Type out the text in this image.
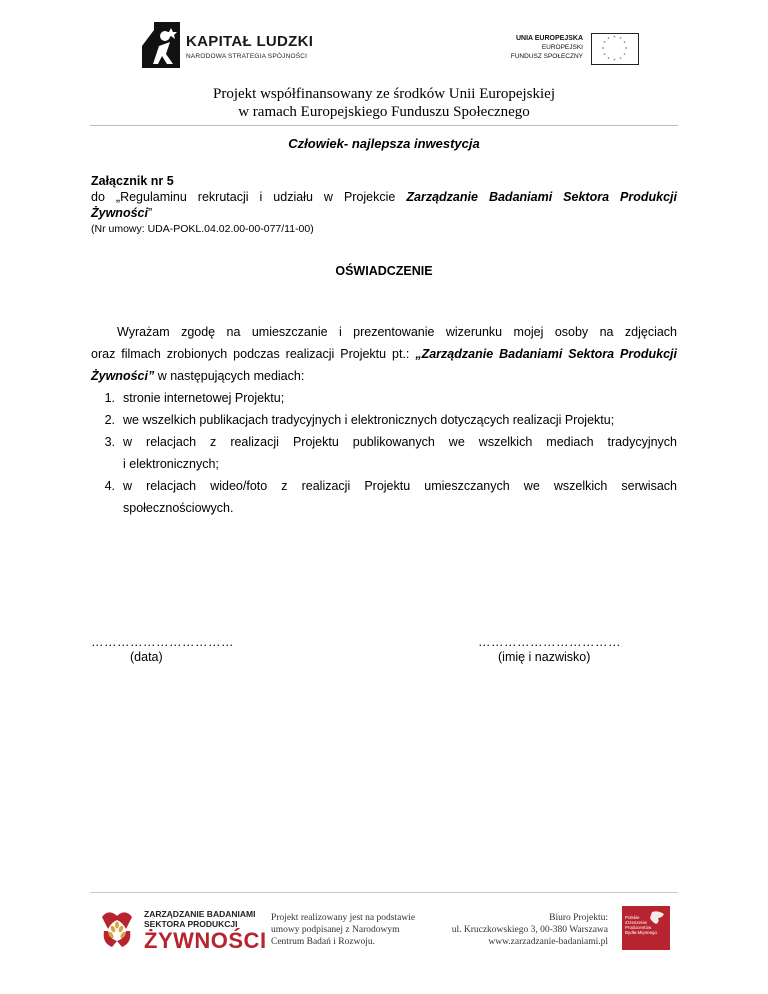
KAPITAŁ LUDZKI
NARODOWA STRATEGIA SPÓJNOŚCI
UNIA EUROPEJSKA
EUROPEJSKI
FUNDUSZ SPOŁECZNY
* *
*
*
*
*
*
*
*
*
*
*
Projekt współfinansowany ze środków Unii Europejskiej
w ramach Europejskiego Funduszu Społecznego
Człowiek- najlepsza inwestycja
Załącznik nr 5
do „Regulaminu rekrutacji i udziału w Projekcie Zarządzanie Badaniami Sektora Produkcji
Żywności”
(Nr umowy: UDA-POKL.04.02.00-00-077/11-00)
OŚWIADCZENIE
Wyrażam zgodę na umieszczanie i prezentowanie wizerunku mojej osoby na zdjęciach
oraz filmach zrobionych podczas realizacji Projektu pt.: „Zarządzanie Badaniami Sektora Produkcji
Żywności” w następujących mediach:
1. stronie internetowej Projektu;
2. we wszelkich publikacjach tradycyjnych i elektronicznych dotyczących realizacji Projektu;
3. w relacjach z realizacji Projektu publikowanych we wszelkich mediach tradycyjnych
i elektronicznych;
4. w relacjach wideo/foto z realizacji Projektu umieszczanych we wszelkich serwisach
społecznościowych.
……………………………
(data)
……………………………
(imię i nazwisko)
ZARZĄDZANIE BADANIAMI
SEKTORA PRODUKCJI
ŻYWNOŚCI
Projekt realizowany jest na podstawie
umowy podpisanej z Narodowym
Centrum Badań i Rozwoju.
Biuro Projektu:
ul. Kruczkowskiego 3, 00-380 Warszawa
www.zarzadzanie-badaniami.pl
Polskie
Zrzeszenie
Producentów
Bydła Mięsnego
